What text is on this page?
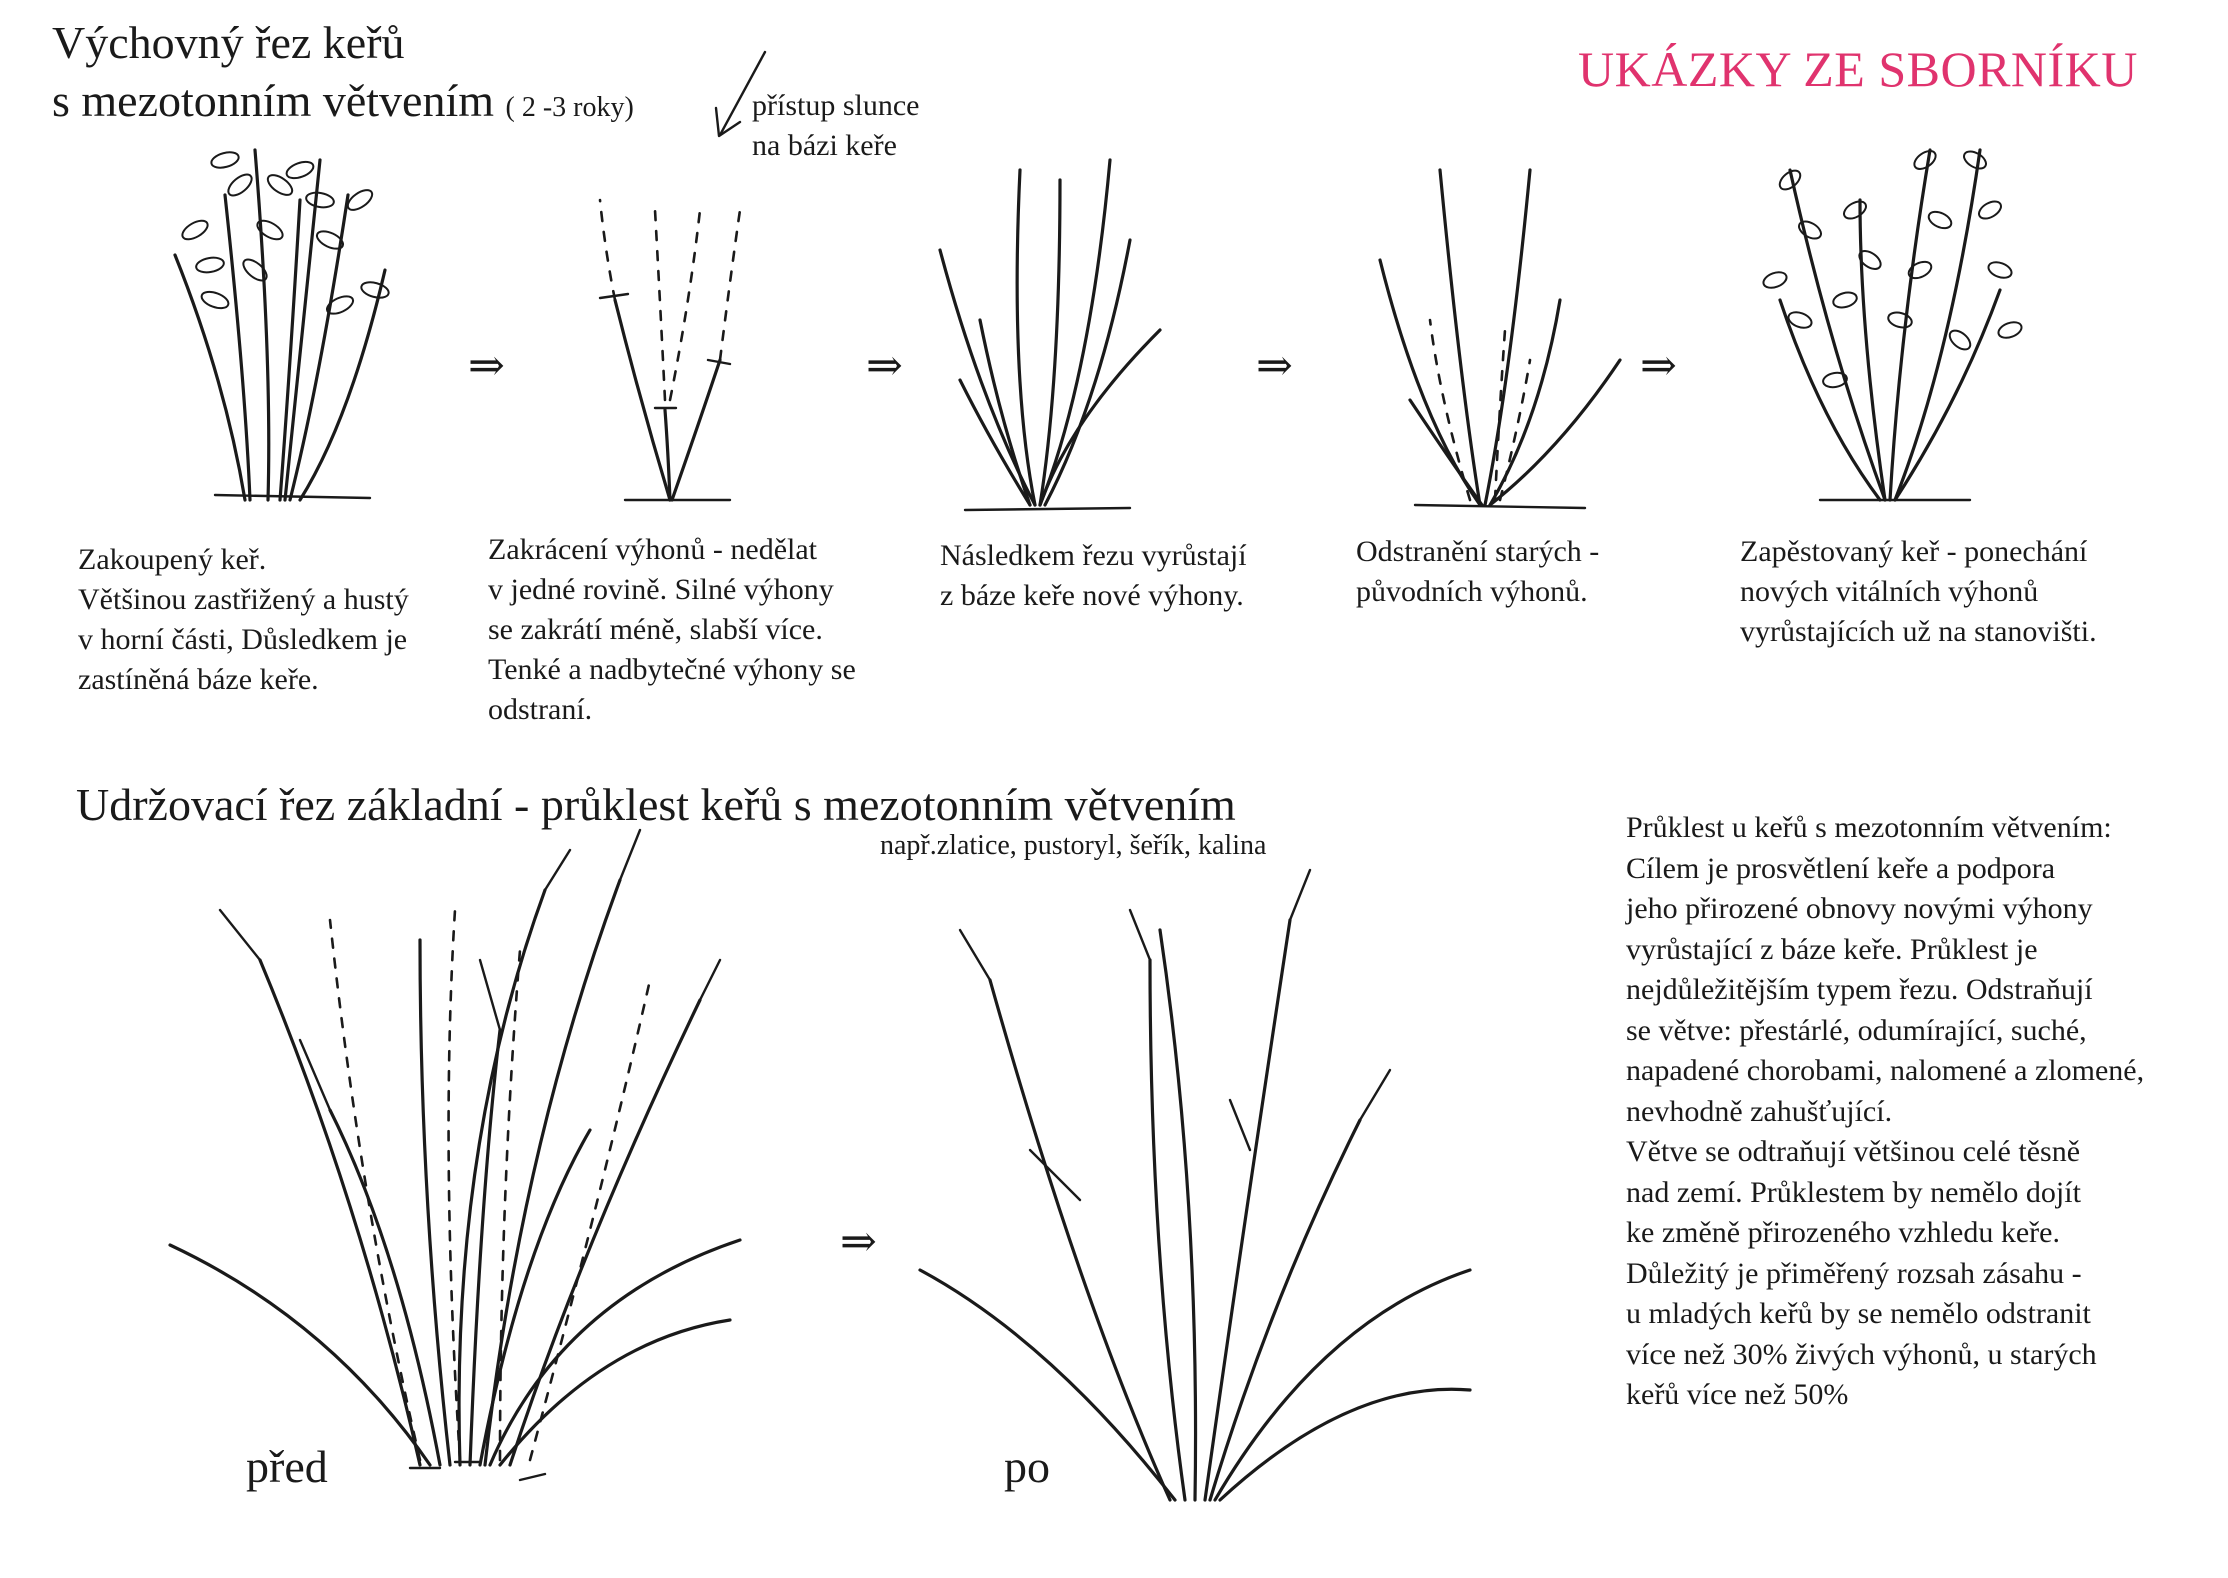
Výchovný řez keřů
s mezotonním větvením ( 2 -3 roky)	přístup slunce
na bázi keře
UKÁZKY ZE SBORNÍKU
⇒	⇒	⇒	⇒
⇒
Zakoupený keř.
Většinou zastřižený a hustý
v horní části, Důsledkem je
zastíněná báze keře.
Zakrácení výhonů - nedělat
v jedné rovině. Silné výhony
se zakrátí méně, slabší více.
Tenké a nadbytečné výhony se
odstraní.
Následkem řezu vyrůstají
z báze keře nové výhony.
Odstranění starých -
původních výhonů.
Zapěstovaný keř - ponechání
nových vitálních výhonů
vyrůstajících už na stanovišti.
Udržovací řez základní - průklest keřů s mezotonním větvením
např.zlatice, pustoryl, šeřík, kalina
před	po
Průklest u keřů s mezotonním větvením:
Cílem je prosvětlení keře a podpora
jeho přirozené obnovy novými výhony
vyrůstající z báze keře. Průklest je
nejdůležitějším typem řezu. Odstraňují
se větve: přestárlé, odumírající, suché,
napadené chorobami, nalomené a zlomené,
nevhodně zahušťující.
Větve se odtraňují většinou celé těsně
nad zemí. Průklestem by nemělo dojít
ke změně přirozeného vzhledu keře.
Důležitý je přiměřený rozsah zásahu -
u mladých keřů by se nemělo odstranit
více než 30% živých výhonů, u starých
keřů více než 50%
